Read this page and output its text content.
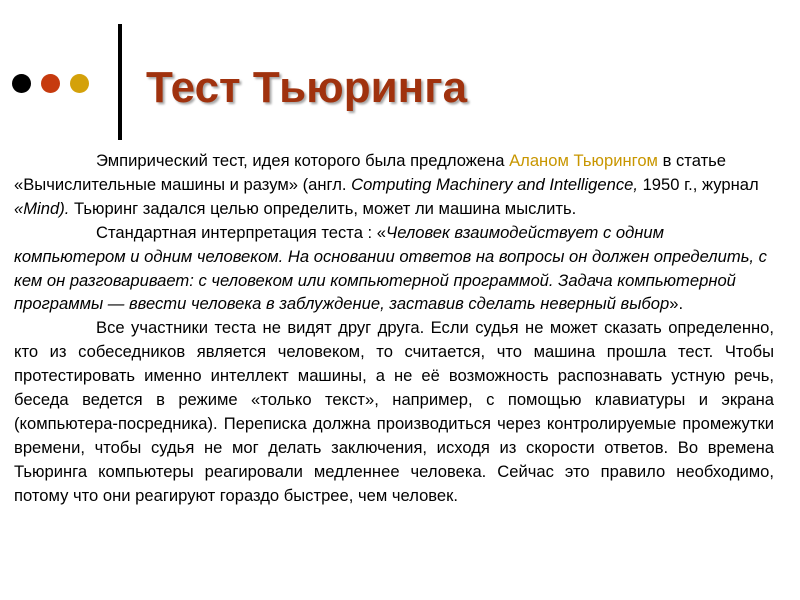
Тест Тьюринга

Эмпирический тест, идея которого была предложена Аланом Тьюрингом в статье «Вычислительные машины и разум» (англ. Computing Machinery and Intelligence, 1950 г., журнал «Mind). Тьюринг задался целью определить, может ли машина мыслить.

Стандартная интерпретация теста : «Человек взаимодействует с одним компьютером и одним человеком. На основании ответов на вопросы он должен определить, с кем он разговаривает: с человеком или компьютерной программой. Задача компьютерной программы — ввести человека в заблуждение, заставив сделать неверный выбор».

Все участники теста не видят друг друга. Если судья не может сказать определенно, кто из собеседников является человеком, то считается, что машина прошла тест. Чтобы протестировать именно интеллект машины, а не её возможность распознавать устную речь, беседа ведется в режиме «только текст», например, с помощью клавиатуры и экрана (компьютера-посредника). Переписка должна производиться через контролируемые промежутки времени, чтобы судья не мог делать заключения, исходя из скорости ответов. Во времена Тьюринга компьютеры реагировали медленнее человека. Сейчас это правило необходимо, потому что они реагируют гораздо быстрее, чем человек.
